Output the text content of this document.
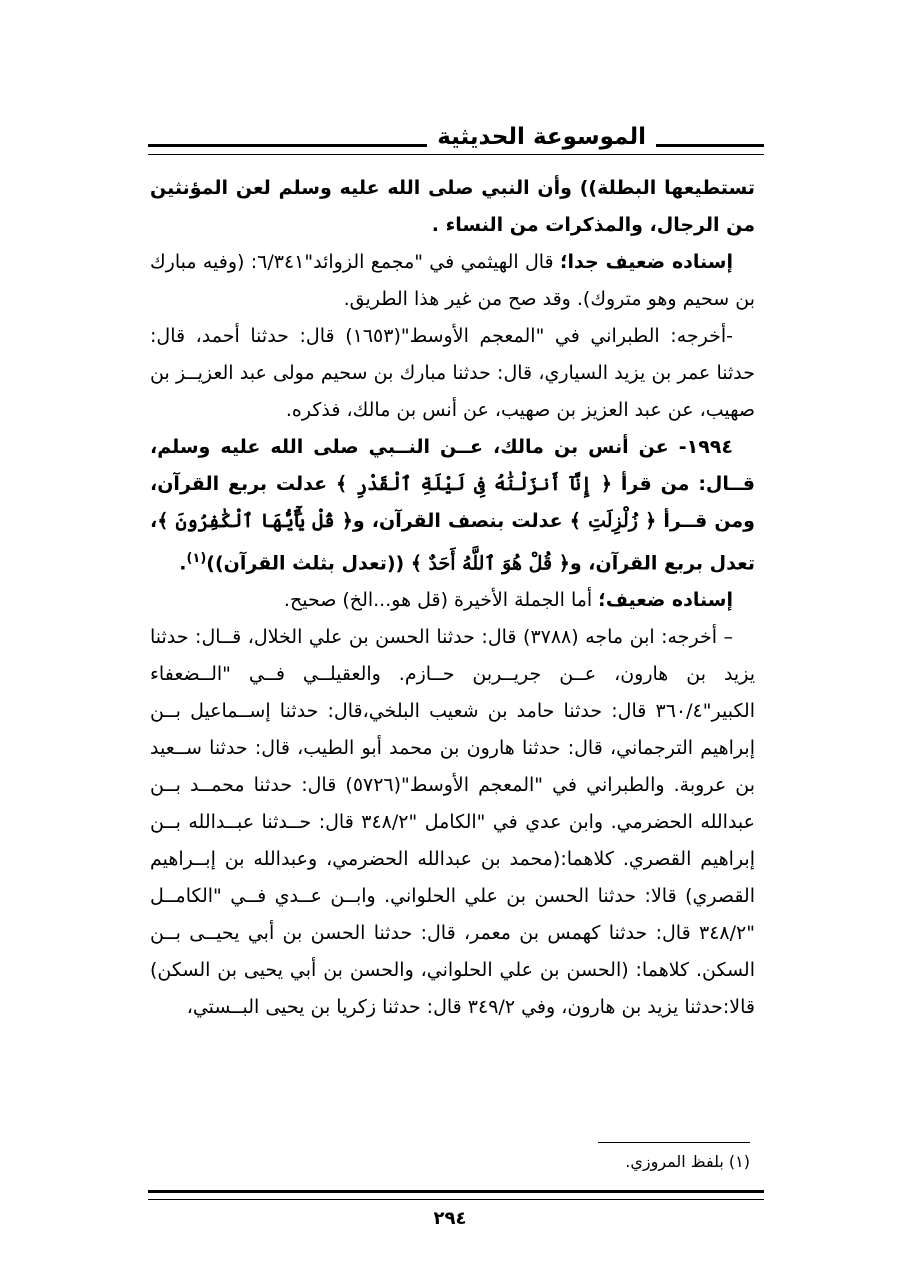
الموسوعة الحديثية

تستطيعها البطلة)) وأن النبي صلى الله عليه وسلم لعن المؤنثين من الرجال، والمذكرات من النساء .

إسناده ضعيف جدا؛ قال الهيثمي في "مجمع الزوائد"٦/٣٤١: (وفيه مبارك بن سحيم وهو متروك). وقد صح من غير هذا الطريق.

-أخرجه: الطبراني في "المعجم الأوسط"(١٦٥٣) قال: حدثنا أحمد، قال: حدثنا عمر بن يزيد السياري، قال: حدثنا مبارك بن سحيم مولى عبد العزيــز بن صهيب، عن عبد العزيز بن صهيب، عن أنس بن مالك، فذكره.

١٩٩٤- عن أنس بن مالك، عــن النــبي صلى الله عليه وسلم، قــال: من قرأ ﴿ إِنَّآ أَنزَلْنَٰهُ فِى لَيْلَةِ ٱلْقَدْرِ ﴾ عدلت بربع القرآن، ومن قــرأ ﴿ زُلْزِلَتِ ﴾ عدلت بنصف القرآن، و﴿ قُلْ يَٰٓأَيُّهَا ٱلْكَٰفِرُونَ ﴾، تعدل بربع القرآن، و﴿ قُلْ هُوَ ٱللَّهُ أَحَدٌ ﴾ ((تعدل بثلث القرآن))$^{(١)}$.

إسناده ضعيف؛ أما الجملة الأخيرة (قل هو...الخ) صحيح.

– أخرجه: ابن ماجه (٣٧٨٨) قال: حدثنا الحسن بن علي الخلال، قــال: حدثنا يزيد بن هارون، عــن جريــربن حــازم. والعقيلــي فــي "الــضعفاء الكبير"٣٦٠/٤ قال: حدثنا حامد بن شعيب البلخي،قال: حدثنا إســماعيل بــن إبراهيم الترجماني، قال: حدثنا هارون بن محمد أبو الطيب، قال: حدثنا ســعيد بن عروبة. والطبراني في "المعجم الأوسط"(٥٧٢٦) قال: حدثنا محمــد بــن عبدالله الحضرمي. وابن عدي في "الكامل "٣٤٨/٢ قال: حــدثنا عبــدالله بــن إبراهيم القصري. كلاهما:(محمد بن عبدالله الحضرمي، وعبدالله بن إبــراهيم القصري) قالا: حدثنا الحسن بن علي الحلواني. وابــن عــدي فــي "الكامــل "٣٤٨/٢ قال: حدثنا كهمس بن معمر، قال: حدثنا الحسن بن أبي يحيــى بــن السكن. كلاهما: (الحسن بن علي الحلواني، والحسن بن أبي يحيى بن السكن) قالا:حدثنا يزيد بن هارون، وفي ٣٤٩/٢ قال: حدثنا زكريا بن يحيى البــستي،

(١) بلفظ المروزي.
٢٩٤
